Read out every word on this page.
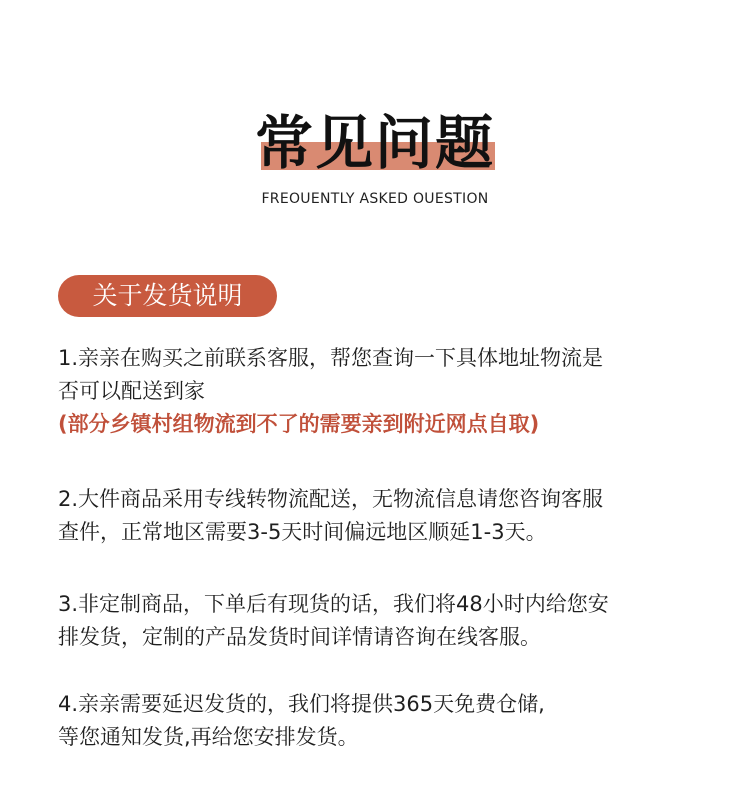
常见问题
FREOUENTLY ASKED OUESTION
关于发货说明

1.亲亲在购买之前联系客服，帮您查询一下具体地址物流是

否可以配送到家

(部分乡镇村组物流到不了的需要亲到附近网点自取)

2.大件商品采用专线转物流配送，无物流信息请您咨询客服

查件，正常地区需要3-5天时间偏远地区顺延1-3天。

3.非定制商品，下单后有现货的话，我们将48小时内给您安

排发货，定制的产品发货时间详情请咨询在线客服。

4.亲亲需要延迟发货的，我们将提供365天免费仓储,

等您通知发货,再给您安排发货。
